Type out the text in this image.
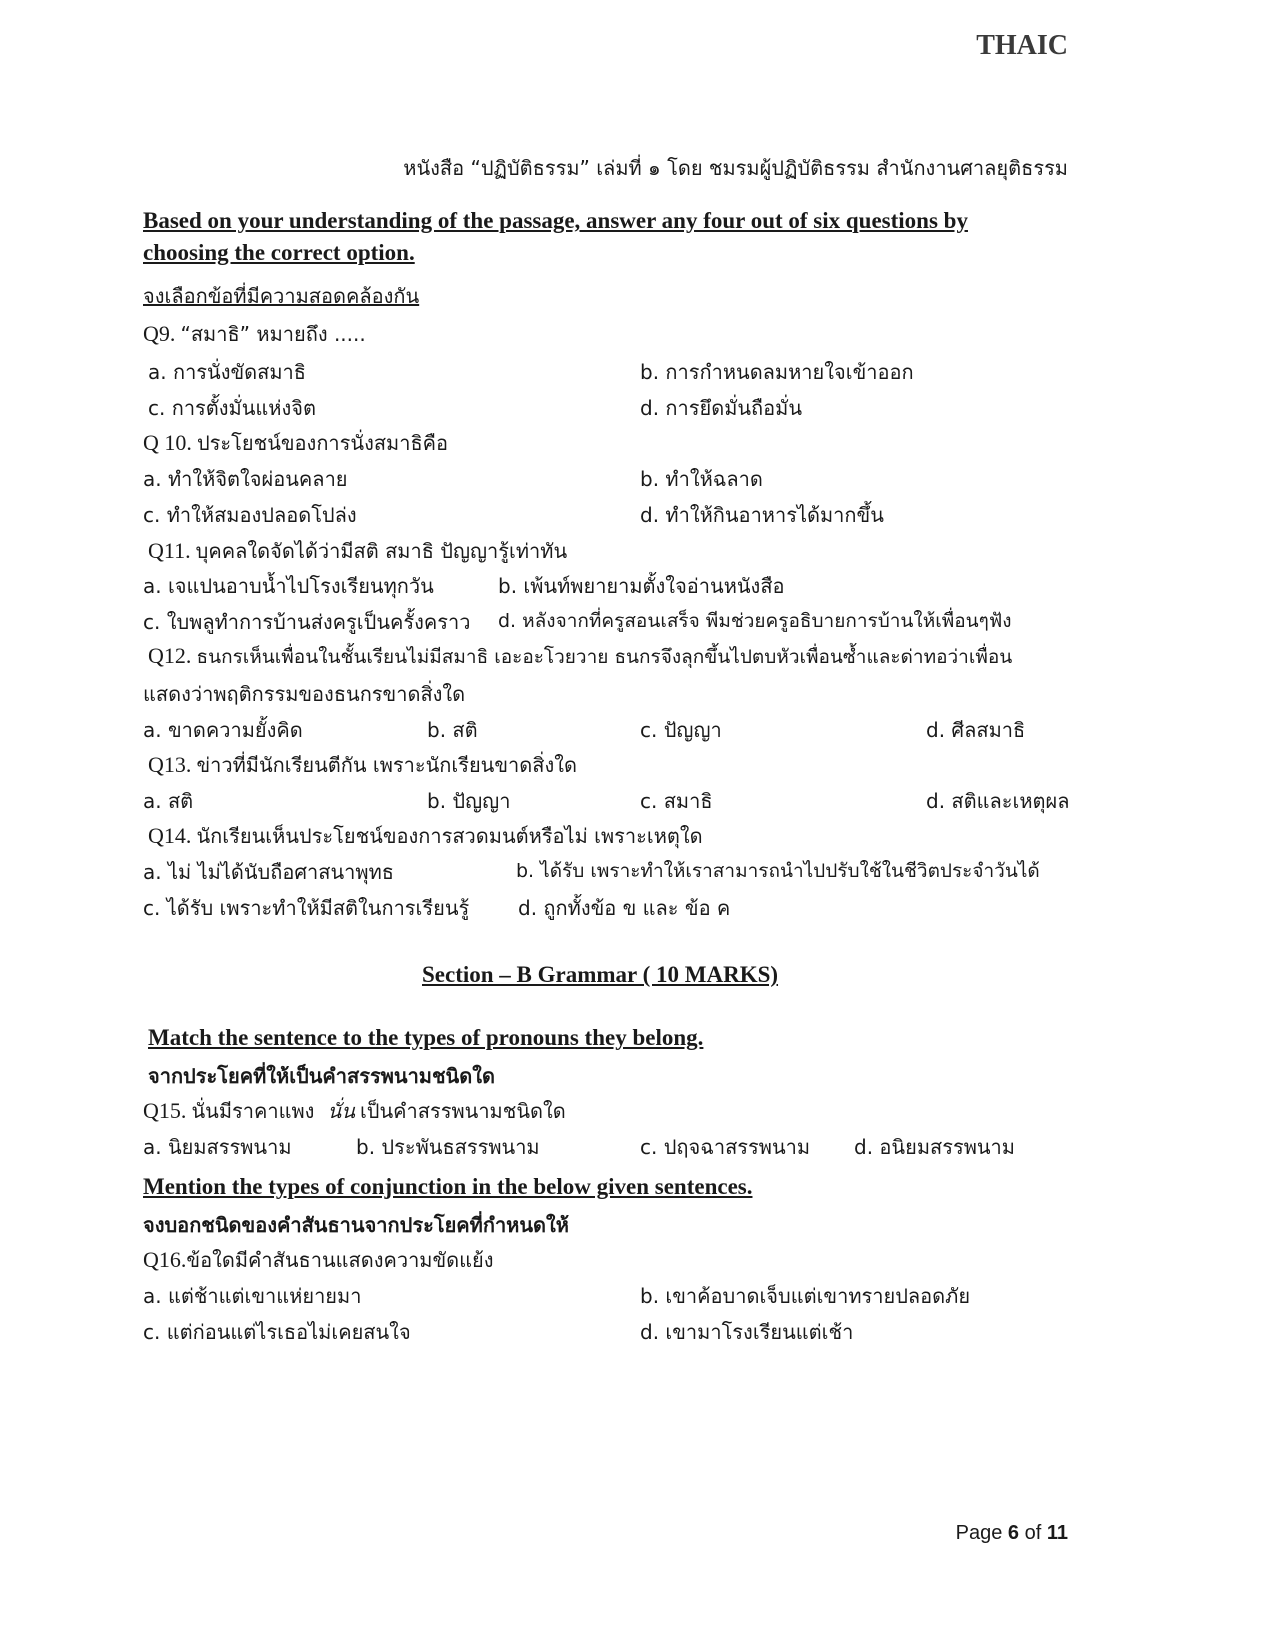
THAIC
หนังสือ “ปฏิบัติธรรม” เล่มที่ ๑ โดย ชมรมผู้ปฏิบัติธรรม สำนักงานศาลยุติธรรม
Based on your understanding of the passage, answer any four out of six questions by
choosing the correct option.
จงเลือกข้อที่มีความสอดคล้องกัน
Q9. “สมาธิ” หมายถึง .....
a. การนั่งขัดสมาธิ	b. การกำหนดลมหายใจเข้าออก
c. การตั้งมั่นแห่งจิต	d. การยึดมั่นถือมั่น
Q 10. ประโยชน์ของการนั่งสมาธิคือ
a. ทำให้จิตใจผ่อนคลาย	b. ทำให้ฉลาด
c. ทำให้สมองปลอดโปล่ง	d. ทำให้กินอาหารได้มากขึ้น
Q11. บุคคลใดจัดได้ว่ามีสติ สมาธิ ปัญญารู้เท่าทัน
a. เจแปนอาบน้ำไปโรงเรียนทุกวัน	b. เพ้นท์พยายามตั้งใจอ่านหนังสือ
c. ใบพลูทำการบ้านส่งครูเป็นครั้งคราว d. หลังจากที่ครูสอนเสร็จ พีมช่วยครูอธิบายการบ้านให้เพื่อนๆฟัง
Q12. ธนกรเห็นเพื่อนในชั้นเรียนไม่มีสมาธิ เอะอะโวยวาย ธนกรจึงลุกขึ้นไปตบหัวเพื่อนซ้ำและด่าทอว่าเพื่อน
แสดงว่าพฤติกรรมของธนกรขาดสิ่งใด
a. ขาดความยั้งคิด	b. สติ	c. ปัญญา	d. ศีลสมาธิ
Q13. ข่าวที่มีนักเรียนตีกัน เพราะนักเรียนขาดสิ่งใด
a. สติ	b. ปัญญา	c. สมาธิ	d. สติและเหตุผล
Q14. นักเรียนเห็นประโยชน์ของการสวดมนต์หรือไม่ เพราะเหตุใด
a. ไม่ ไม่ได้นับถือศาสนาพุทธ	b. ได้รับ เพราะทำให้เราสามารถนำไปปรับใช้ในชีวิตประจำวันได้
c. ได้รับ เพราะทำให้มีสติในการเรียนรู้ d. ถูกทั้งข้อ ข และ ข้อ ค
Section – B Grammar ( 10 MARKS)
Match the sentence to the types of pronouns they belong.
จากประโยคที่ให้เป็นคำสรรพนามชนิดใด
Q15. นั่นมีราคาแพง นั่น เป็นคำสรรพนามชนิดใด
a. นิยมสรรพนาม	b. ประพันธสรรพนาม	c. ปฤจฉาสรรพนาม d. อนิยมสรรพนาม
Mention the types of conjunction in the below given sentences.
จงบอกชนิดของคำสันธานจากประโยคที่กำหนดให้
Q16.ข้อใดมีคำสันธานแสดงความขัดแย้ง
a. แต่ช้าแต่เขาแห่ยายมา	b. เขาค้อบาดเจ็บแต่เขาทรายปลอดภัย
c. แต่ก่อนแต่ไรเธอไม่เคยสนใจ	d. เขามาโรงเรียนแต่เช้า
Page 6 of 11
